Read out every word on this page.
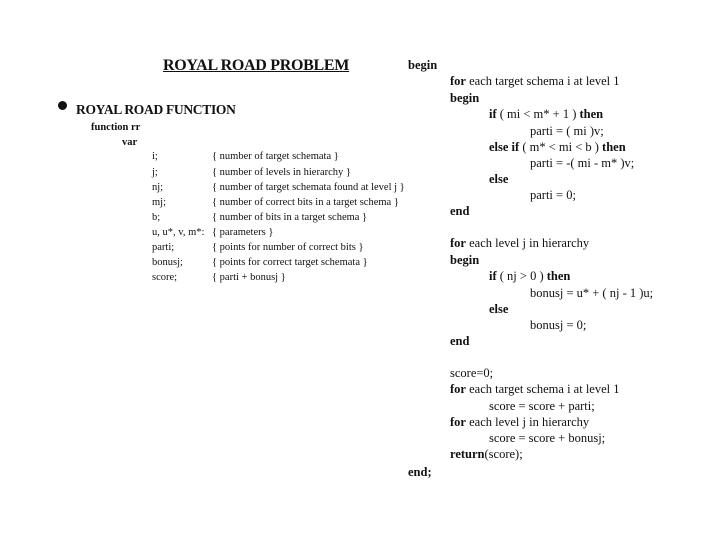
ROYAL ROAD PROBLEM
ROYAL ROAD FUNCTION
function rr
var
i;	{ number of target schemata }
j;	{ number of levels in hierarchy }
nj;	{ number of target schemata found at level j }
mj;	{ number of correct bits in a target schema }
b;	{ number of bits in a target schema }
u, u*, v, m*: { parameters }
parti;	{ points for number of correct bits }
bonusj;	{ points for correct target schemata }
score;	{ parti + bonusj }
begin
for each target schema i at level 1
begin
if ( mi < m* + 1 ) then
parti = ( mi )v;
else if ( m* < mi < b ) then
parti = -( mi - m* )v;
else
parti = 0;
end
for each level j in hierarchy
begin
if ( nj > 0 ) then
bonusj = u* + ( nj - 1 )u;
else
bonusj = 0;
end
score=0;
for each target schema i at level 1
score = score + parti;
for each level j in hierarchy
score = score + bonusj;
return(score);
end;
